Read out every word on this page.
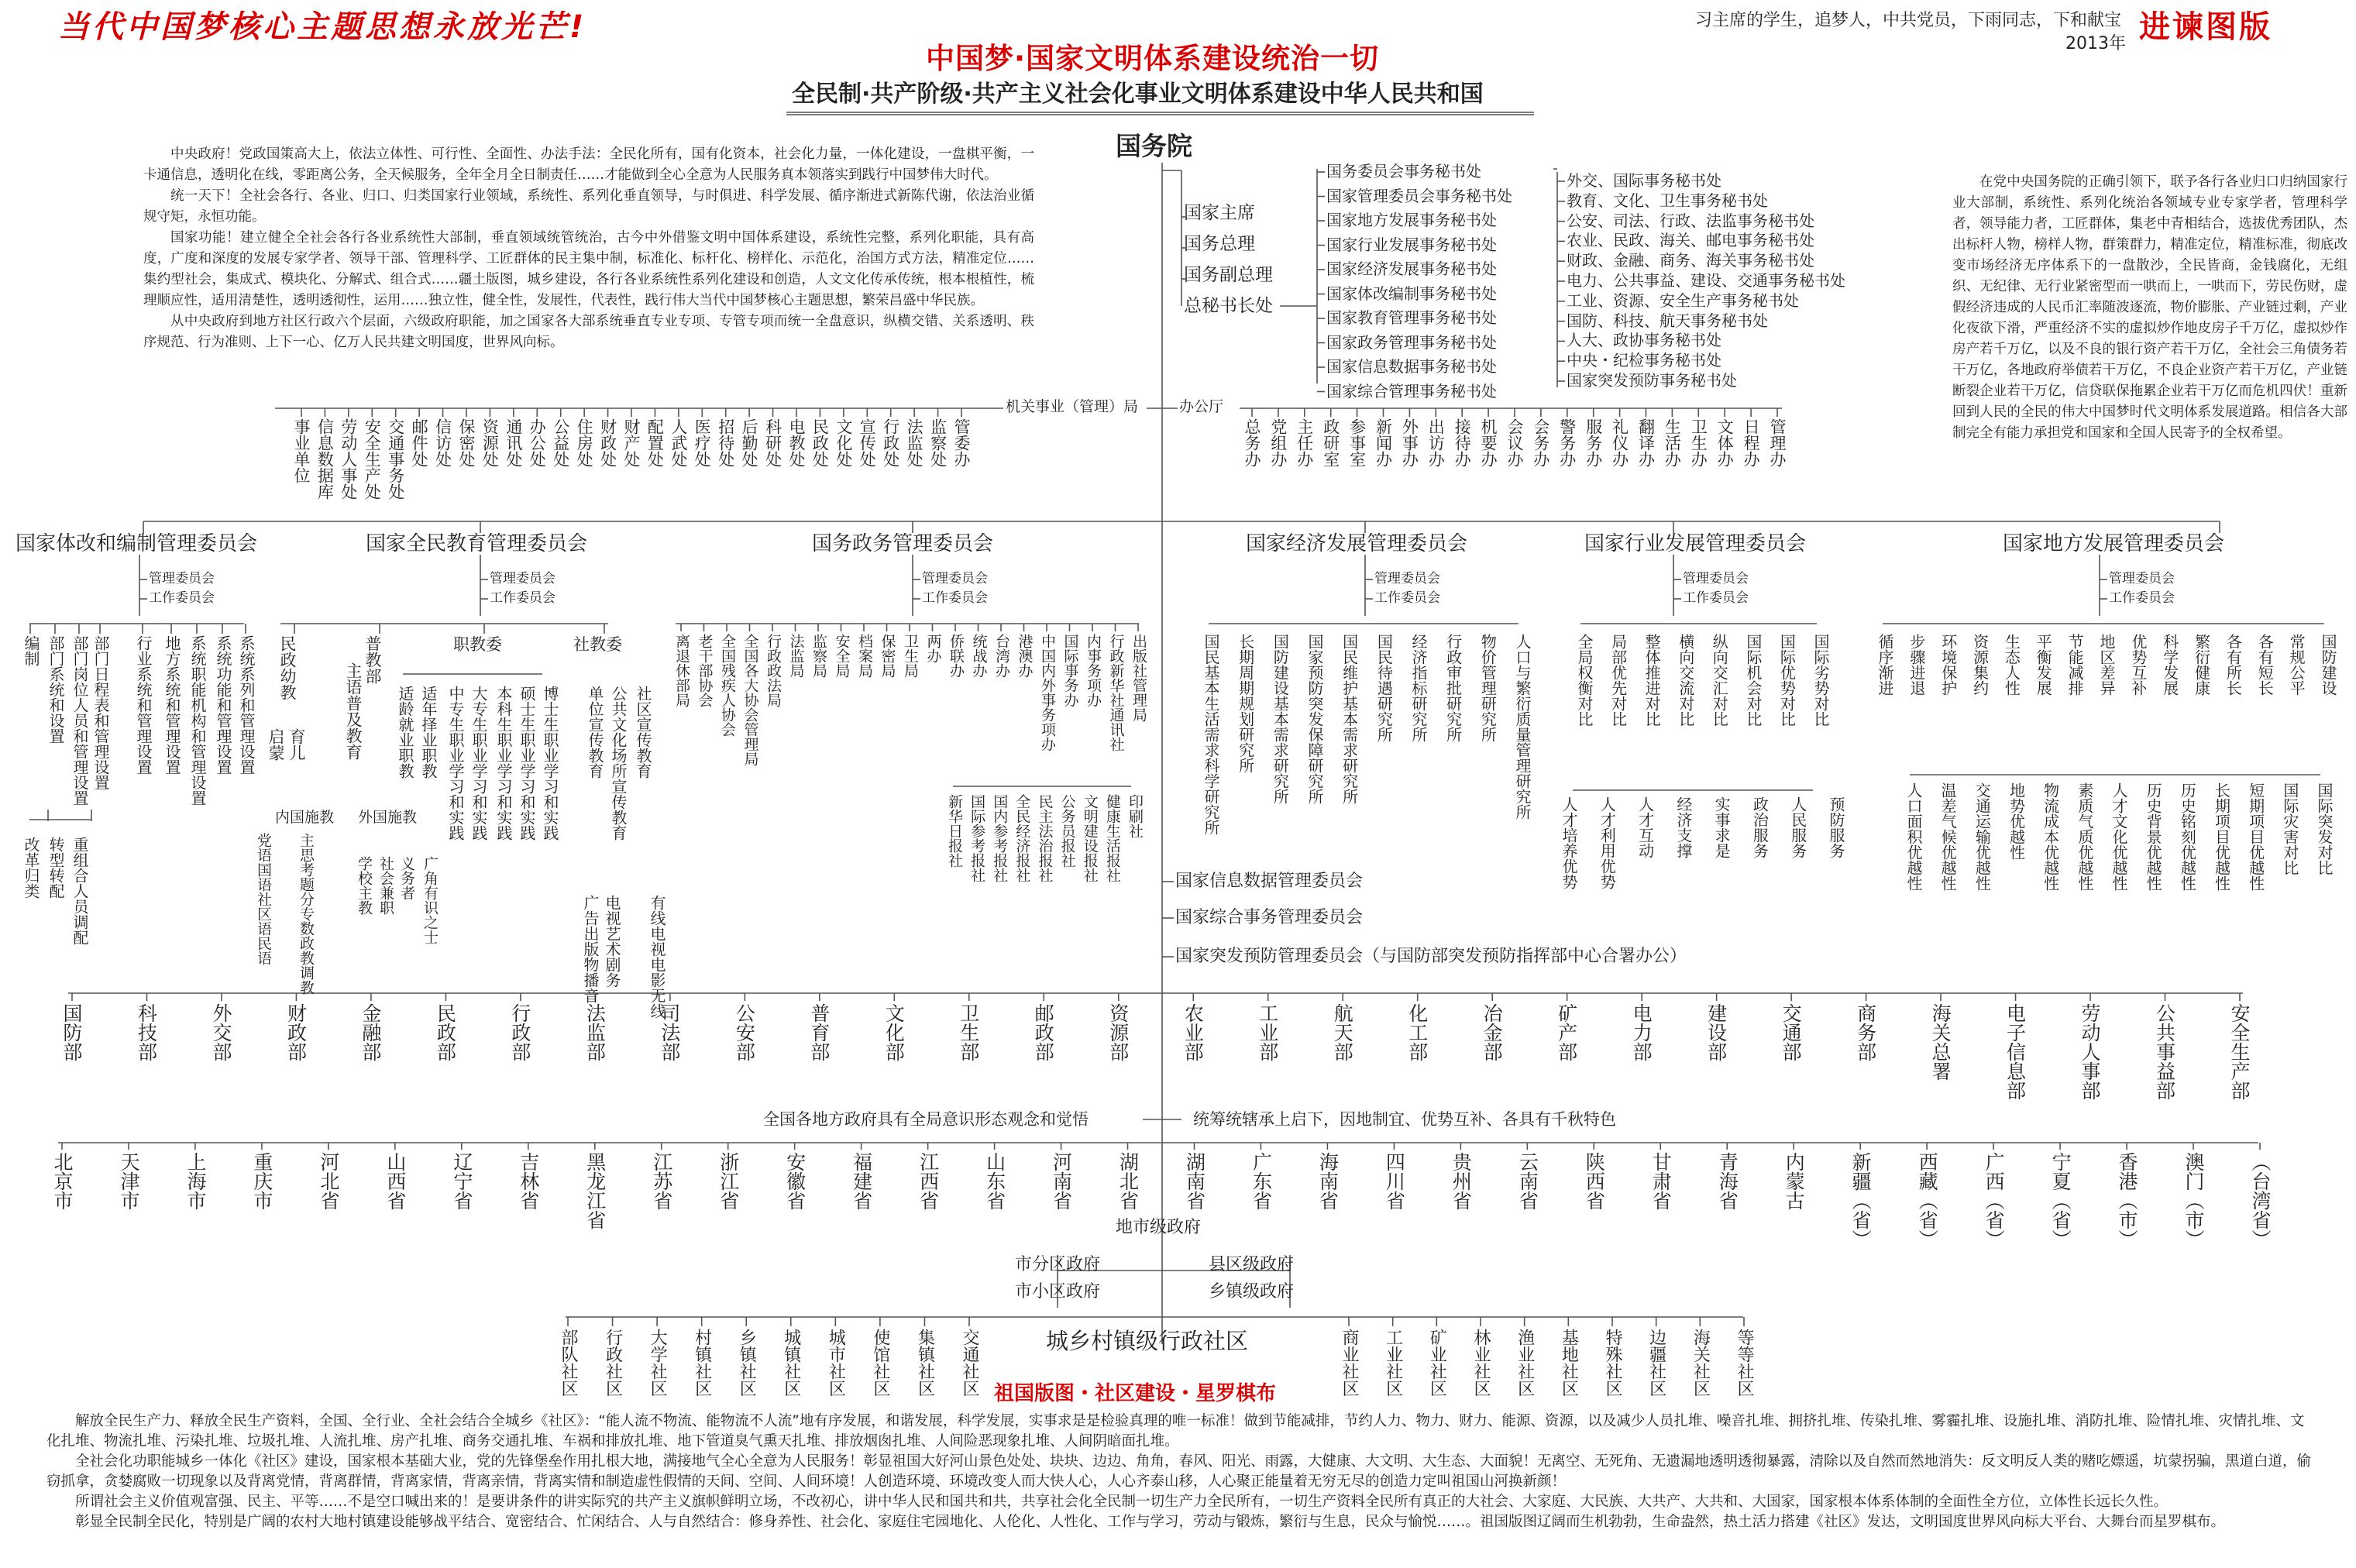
当代中国梦核心主题思想永放光芒!	习主席的学生，追梦人，中共党员，下雨同志，下和献宝
2013年 进谏图版
中国梦·国家文明体系建设统治一切
全民制·共产阶级·共产主义社会化事业文明体系建设中华人民共和国

中央政府！党政国策高大上，依法立体性、可行性、全面性、办法手法：全民化所有，国有化资本，社会化力量，一体化建设，一盘棋平衡，一卡通信息，透明化在线，零距离公务，全天候服务，全年全月全日制责任……才能做到全心全意为人民服务真本领落实到践行中国梦伟大时代。

统一天下！全社会各行、各业、归口、归类国家行业领域，系统性、系列化垂直领导，与时俱进、科学发展、循序渐进式新陈代谢，依法治业循规守矩，永恒功能。

国家功能！建立健全全社会各行各业系统性大部制，垂直领域统管统治，古今中外借鉴文明中国体系建设，系统性完整，系列化职能，具有高度，广度和深度的发展专家学者、领导干部、管理科学、工匠群体的民主集中制，标准化、标杆化、榜样化、示范化，治国方式方法，精准定位……集约型社会，集成式、模块化、分解式、组合式……疆土版图，城乡建设，各行各业系统性系列化建设和创造，人文文化传承传统，根本根植性，梳理顺应性，适用清楚性，透明透彻性，运用……独立性，健全性，发展性，代表性，践行伟大当代中国梦核心主题思想，繁荣昌盛中华民族。

从中央政府到地方社区行政六个层面，六级政府职能，加之国家各大部系统垂直专业专项、专管专项而统一全盘意识，纵横交错、关系透明、秩序规范、行为准则、上下一心、亿万人民共建文明国度，世界风向标。

在党中央国务院的正确引领下，联予各行各业归口归纳国家行业大部制，系统性、系列化统治各领域专业专家学者，管理科学者，领导能力者，工匠群体，集老中青相结合，选拔优秀团队，杰出标杆人物，榜样人物，群策群力，精准定位，精准标准，彻底改变市场经济无序体系下的一盘散沙，全民皆商，金钱腐化，无组织、无纪律、无行业紧密型而一哄而上，一哄而下，劳民伤财，虚假经济违成的人民币汇率随波逐流，物价膨胀、产业链过剩，产业化夜欲下滑，严重经济不实的虚拟炒作地皮房子千万亿，虚拟炒作房产若千万亿，以及不良的银行资产若干万亿，全社会三角债务若干万亿，各地政府举债若干万亿，不良企业资产若干万亿，产业链断裂企业若干万亿，信贷联保拖累企业若干万亿而危机四伏！重新回到人民的全民的伟大中国梦时代文明体系发展道路。相信各大部制完全有能力承担党和国家和全国人民寄予的全权希望。

国务院
国家主席
国务总理
国务副总理
总秘书长处
国务委员会事务秘书处
国家管理委员会事务秘书处
国家地方发展事务秘书处
国家行业发展事务秘书处
国家经济发展事务秘书处
国家体改编制事务秘书处
国家教育管理事务秘书处
国家政务管理事务秘书处
国家信息数据事务秘书处
国家综合管理事务秘书处
外交、国际事务秘书处
教育、文化、卫生事务秘书处
公安、司法、行政、法监事务秘书处
农业、民政、海关、邮电事务秘书处
财政、金融、商务、海关事务秘书处
电力、公共事益、建设、交通事务秘书处
工业、资源、安全生产事务秘书处
国防、科技、航天事务秘书处
人大、政协事务秘书处
中央・纪检事务秘书处
国家突发预防事务秘书处
机关事业（管理）局	办公厅
事业单位 信息数据库 劳动人事处 安全生产处 交通事务处 邮件处 信访处 保密处 资源处 通讯处 办公处 公益处 住房处 财政处 财产处 配置处 人武处 医疗处 招待处 后勤处 科研处 电教处 民政处 文化处 宣传处 行政处 法监处 监察处 管委办	总务办 党组办 主任办 政研室 参事室 新闻办 外事办 出访办 接待办 机要办 会议办 会务办 警务办 服务办 礼仪办 翻译办 生活办 卫生办 文体办 日程办 管理办
国家体改和编制管理委员会	国家全民教育管理委员会	国务政务管理委员会	国家经济发展管理委员会	国家行业发展管理委员会	国家地方发展管理委员会
管理委员会
工作委员会
管理委员会
工作委员会
管理委员会
工作委员会
管理委员会
工作委员会
管理委员会
工作委员会
管理委员会
工作委员会
编制 部门系统和设置 部门岗位人员和管理设置 部门日程表和管理设置 行业系统和管理设置 地方系统和管理设置 系统职能机构和管理设置 系统功能和管理设置 系统系列和管理设置
改革归类 转型转配 重组合人员调配
民政幼教	普教部	职教委	社教委
启蒙 育儿 主语普及教育
内国施教 外国施教
党语国语社区语民语 主思考题分专数政教调教	学校主教 社会兼职 义务者 广角有识之士
适龄就业职教 适年择业职教 中专生职业学习和实践 大专生职业学习和实践 本科生职业学习和实践 硕士生职业学习和实践 博士生职业学习和实践 单位宣传教育 公共文化场所宣传教育 社区宣传教育
广告出版物播音 电视艺术剧务 有线电视电影无线
离退休部局 老干部协会 全国残疾人协会 全国各大协会管理局 行政政法局 法监局 监察局 安全局 档案局 保密局 卫生局 两办 侨联办 统战办 台湾办 港澳办 中国内外事务项办 国际事务办 内事务项办 行政新华社通讯社 出版社管理局
新华日报社 国际参考报社 国内参考报社 全民经济报社 民主法治报社 公务员报社 文明建设报社 健康生活报社 印刷社	国民基本生活需求科学研究所 长期周期规划研究所 国防建设基本需求研究所 国家预防突发保障研究所 国民维护基本需求研究所 国民待遇研究所 经济指标研究所 行政审批研究所 物价管理研究所 人口与繁衍质量管理研究所	全局权衡对比 局部优先对比 整体推进对比 横向交流对比 纵向交汇对比 国际机会对比 国际优势对比 国际劣势对比
人才培养优势 人才利用优势 人才互动 经济支撑 实事求是 政治服务 人民服务 预防服务
循序渐进 步骤进退 环境保护 资源集约 生态人性 平衡发展 节能减排 地区差异 优势互补 科学发展 繁衍健康 各有所长 各有短长 常规公平 国防建设
人口面积优越性 温差气候优越性 交通运输优越性 地势优越性 物流成本优越性 素质气质优越性 人才文化优越性 历史背景优越性 历史铭刻优越性 长期项目优越性 短期项目优越性 国际灾害对比 国际突发对比
国家信息数据管理委员会
国家综合事务管理委员会
国家突发预防管理委员会（与国防部突发预防指挥部中心合署办公）
国防部	科技部	外交部	财政部	金融部	民政部	行政部	法监部	司法部	公安部	普育部	文化部	卫生部	邮政部	资源部	农业部	工业部	航天部	化工部	冶金部	矿产部	电力部	建设部	交通部	商务部	海关总署	电子信息部	劳动人事部	公共事益部	安全生产部
全国各地方政府具有全局意识形态观念和觉悟	统筹统辖承上启下，因地制宜、优势互补、各具有千秋特色
北京市 天津市 上海市 重庆市 河北省 山西省 辽宁省 吉林省 黑龙江省 江苏省 浙江省 安徽省 福建省 江西省 山东省 河南省 湖北省 湖南省 广东省 海南省 四川省 贵州省 云南省 陕西省 甘肃省 青海省 内蒙古 新疆︵省︶ 西藏︵省︶ 广西︵省︶ 宁夏︵省︶ 香港︵市︶ 澳门︵市︶ ︵台湾省︶
地市级政府
市分区政府
市小区政府
县区级政府
乡镇级政府
城乡村镇级行政社区
部队社区 行政社区 大学社区 村镇社区 乡镇社区 城镇社区 城市社区 使馆社区 集镇社区 交通社区	商业社区 工业社区 矿业社区 林业社区 渔业社区 基地社区 特殊社区 边疆社区 海关社区 等等社区
祖国版图・社区建设・星罗棋布

解放全民生产力、释放全民生产资料，全国、全行业、全社会结合全城乡《社区》：“能人流不物流、能物流不人流”地有序发展，和谐发展，科学发展，实事求是是检验真理的唯一标准！做到节能减排，节约人力、物力、财力、能源、资源，以及减少人员扎堆、噪音扎堆、拥挤扎堆、传染扎堆、雾霾扎堆、设施扎堆、消防扎堆、险情扎堆、灾情扎堆、文化扎堆、物流扎堆、污染扎堆、垃圾扎堆、人流扎堆、房产扎堆、商务交通扎堆、车祸和排放扎堆、地下管道臭气熏天扎堆、排放烟囱扎堆、人间险恶现象扎堆、人间阴暗面扎堆。

全社会化功职能城乡一体化《社区》建设，国家根本基础大业，党的先锋堡垒作用扎根大地，满接地气全心全意为人民服务！彰显祖国大好河山景色处处、块块、边边、角角，春风、阳光、雨露，大健康、大文明、大生态、大面貌！无离空、无死角、无遗漏地透明透彻暴露，清除以及自然而然地消失：反文明反人类的赌吃嫖遥，坑蒙拐骗，黑道白道，偷窃抓拿，贪婪腐败一切现象以及背离党情，背离群情，背离家情，背离亲情，背离实情和制造虚性假情的天间、空间、人间环境！人创造环境、环境改变人而大快人心，人心齐泰山移，人心聚正能量着无穷无尽的创造力定叫祖国山河换新颜！

所谓社会主义价值观富强、民主、平等……不是空口喊出来的！是要讲条件的讲实际究的共产主义旗帜鲜明立场，不改初心，讲中华人民和国共和共，共享社会化全民制一切生产力全民所有，一切生产资料全民所有真正的大社会、大家庭、大民族、大共产、大共和、大国家，国家根本体系体制的全面性全方位，立体性长远长久性。

彰显全民制全民化，特别是广阔的农村大地村镇建设能够战平结合、宽密结合、忙闲结合、人与自然结合：修身养性、社会化、家庭住宅园地化、人伦化、人性化、工作与学习，劳动与锻炼，繁衍与生息，民众与愉悦……。祖国版图辽阔而生机勃勃，生命盎然，热土活力搭建《社区》发达，文明国度世界风向标大平台、大舞台而星罗棋布。
